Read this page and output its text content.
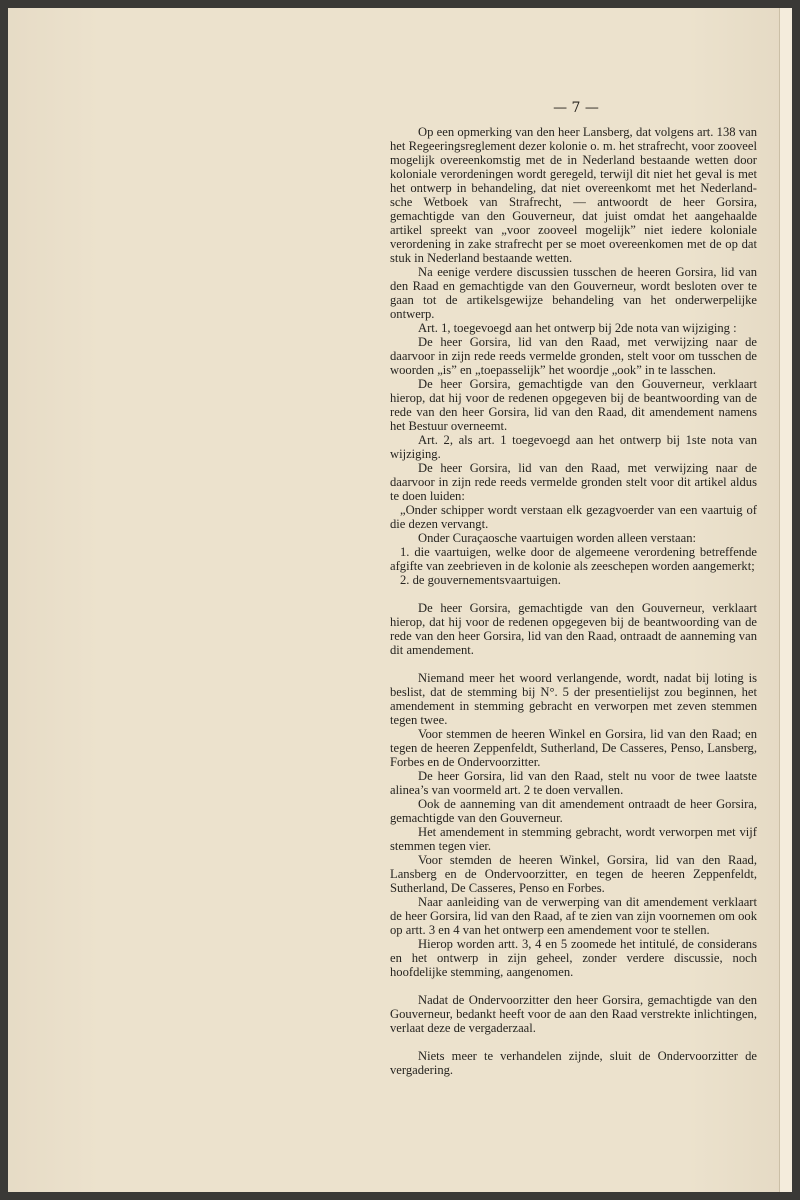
— 7 —

Op een opmerking van den heer Lansberg, dat volgens art. 138 van het Regeeringsreglement dezer kolonie o. m. het strafrecht, voor zooveel mogelijk overeenkomstig met de in Nederland bestaande wetten door koloniale verordeningen wordt geregeld, terwijl dit niet het geval is met het ontwerp in behandeling, dat niet overeenkomt met het Nederlandsche Wetboek van Strafrecht, — antwoordt de heer Gorsira, gemachtigde van den Gouverneur, dat juist omdat het aangehaalde artikel spreekt van „voor zooveel mogelijk” niet iedere koloniale verordening in zake strafrecht per se moet overeenkomen met de op dat stuk in Nederland bestaande wetten.

Na eenige verdere discussien tusschen de heeren Gorsira, lid van den Raad en gemachtigde van den Gouverneur, wordt besloten over te gaan tot de artikelsgewijze behandeling van het onderwerpelijke ontwerp.

Art. 1, toegevoegd aan het ontwerp bij 2de nota van wijziging :

De heer Gorsira, lid van den Raad, met verwijzing naar de daarvoor in zijn rede reeds vermelde gronden, stelt voor om tusschen de woorden „is” en „toepasselijk” het woordje „ook” in te lasschen.

De heer Gorsira, gemachtigde van den Gouverneur, verklaart hierop, dat hij voor de redenen opgegeven bij de beantwoording van de rede van den heer Gorsira, lid van den Raad, dit amendement namens het Bestuur overneemt.

Art. 2, als art. 1 toegevoegd aan het ontwerp bij 1ste nota van wijziging.

De heer Gorsira, lid van den Raad, met verwijzing naar de daarvoor in zijn rede reeds vermelde gronden stelt voor dit artikel aldus te doen luiden:

„Onder schipper wordt verstaan elk gezagvoerder van een vaartuig of die dezen vervangt.

Onder Curaçaosche vaartuigen worden alleen verstaan:

1. die vaartuigen, welke door de algemeene verordening betreffende afgifte van zeebrieven in de kolonie als zeeschepen worden aangemerkt;

2. de gouvernementsvaartuigen.

De heer Gorsira, gemachtigde van den Gouverneur, verklaart hierop, dat hij voor de redenen opgegeven bij de beantwoording van de rede van den heer Gorsira, lid van den Raad, ontraadt de aanneming van dit amendement.

Niemand meer het woord verlangende, wordt, nadat bij loting is beslist, dat de stemming bij N°. 5 der presentielijst zou beginnen, het amendement in stemming gebracht en verworpen met zeven stemmen tegen twee.

Voor stemmen de heeren Winkel en Gorsira, lid van den Raad; en tegen de heeren Zeppenfeldt, Sutherland, De Casseres, Penso, Lansberg, Forbes en de Ondervoorzitter.

De heer Gorsira, lid van den Raad, stelt nu voor de twee laatste alinea’s van voormeld art. 2 te doen vervallen.

Ook de aanneming van dit amendement ontraadt de heer Gorsira, gemachtigde van den Gouverneur.

Het amendement in stemming gebracht, wordt verworpen met vijf stemmen tegen vier.

Voor stemden de heeren Winkel, Gorsira, lid van den Raad, Lansberg en de Ondervoorzitter, en tegen de heeren Zeppenfeldt, Sutherland, De Casseres, Penso en Forbes.

Naar aanleiding van de verwerping van dit amendement verklaart de heer Gorsira, lid van den Raad, af te zien van zijn voornemen om ook op artt. 3 en 4 van het ontwerp een amendement voor te stellen.

Hierop worden artt. 3, 4 en 5 zoomede het intitulé, de considerans en het ontwerp in zijn geheel, zonder verdere discussie, noch hoofdelijke stemming, aangenomen.

Nadat de Ondervoorzitter den heer Gorsira, gemachtigde van den Gouverneur, bedankt heeft voor de aan den Raad verstrekte inlichtingen, verlaat deze de vergaderzaal.

Niets meer te verhandelen zijnde, sluit de Ondervoorzitter de vergadering.
